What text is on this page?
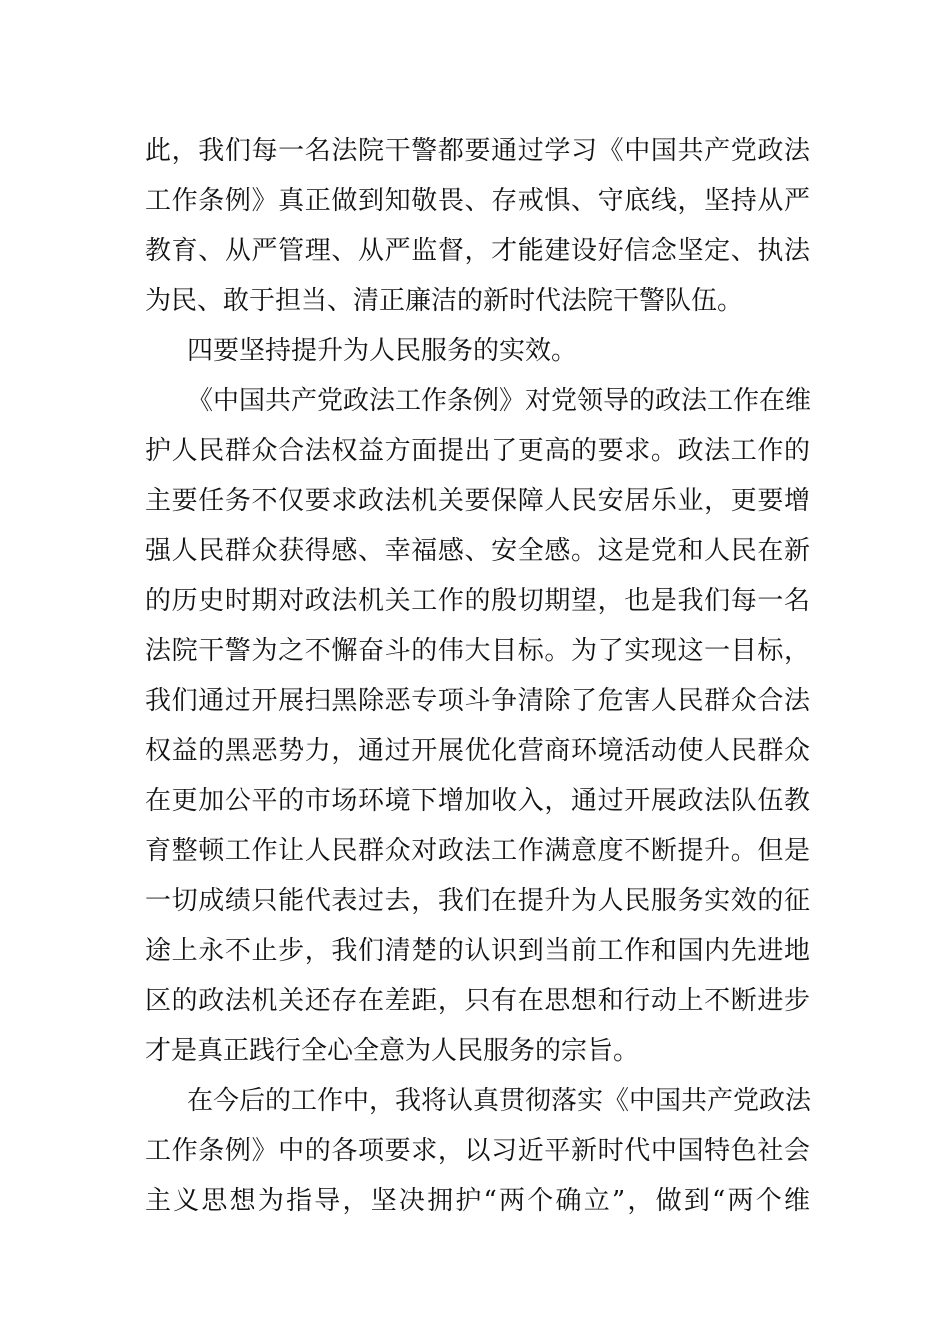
此，我们每一名法院干警都要通过学习《中国共产党政法
工作条例》真正做到知敬畏、存戒惧、守底线，坚持从严
教育、从严管理、从严监督，才能建设好信念坚定、执法
为民、敢于担当、清正廉洁的新时代法院干警队伍。
四要坚持提升为人民服务的实效。
《中国共产党政法工作条例》对党领导的政法工作在维
护人民群众合法权益方面提出了更高的要求。政法工作的
主要任务不仅要求政法机关要保障人民安居乐业，更要增
强人民群众获得感、幸福感、安全感。这是党和人民在新
的历史时期对政法机关工作的殷切期望，也是我们每一名
法院干警为之不懈奋斗的伟大目标。为了实现这一目标，
我们通过开展扫黑除恶专项斗争清除了危害人民群众合法
权益的黑恶势力，通过开展优化营商环境活动使人民群众
在更加公平的市场环境下增加收入，通过开展政法队伍教
育整顿工作让人民群众对政法工作满意度不断提升。但是
一切成绩只能代表过去，我们在提升为人民服务实效的征
途上永不止步，我们清楚的认识到当前工作和国内先进地
区的政法机关还存在差距，只有在思想和行动上不断进步
才是真正践行全心全意为人民服务的宗旨。
在今后的工作中，我将认真贯彻落实《中国共产党政法
工作条例》中的各项要求，以习近平新时代中国特色社会
主义思想为指导，坚决拥护“两个确立”，做到“两个维
